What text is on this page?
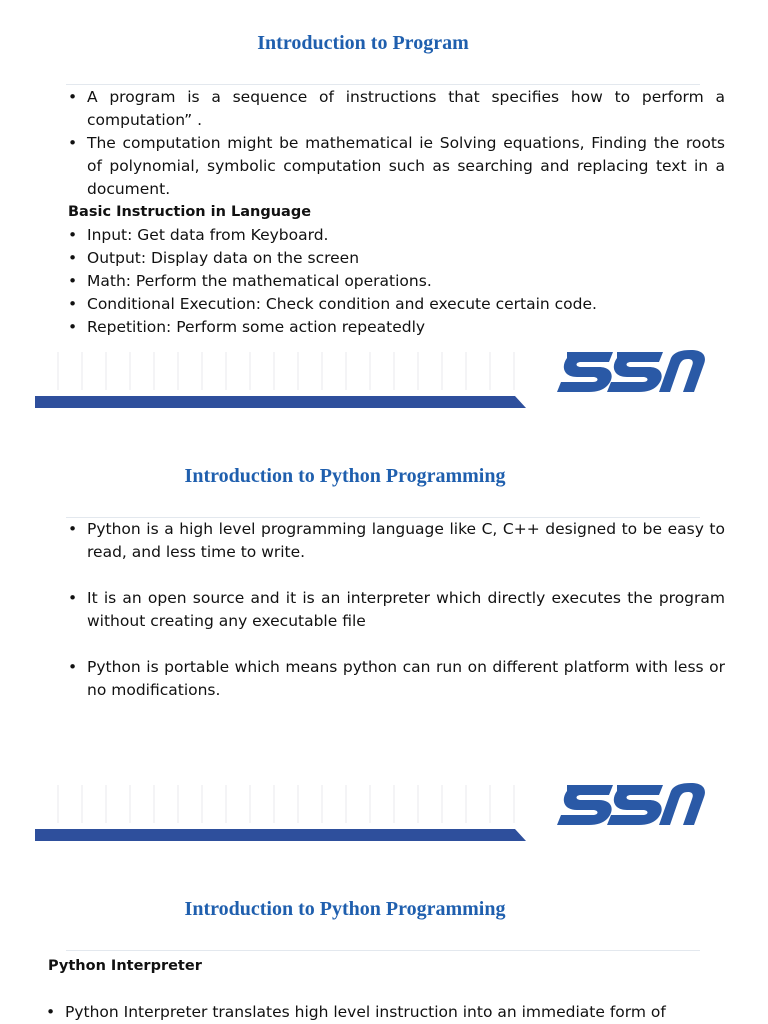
Introduction to Program
• A program is a sequence of instructions that specifies how to perform a computation” .
• The computation might be mathematical ie Solving equations, Finding the roots of polynomial, symbolic computation such as searching and replacing text in a document.

Basic Instruction in Language

• Input: Get data from Keyboard.
• Output: Display data on the screen
• Math: Perform the mathematical operations.
• Conditional Execution: Check condition and execute certain code.
• Repetition: Perform some action repeatedly
Introduction to Python Programming
• Python is a high level programming language like C, C++ designed to be easy to read, and less time to write.
• It is an open source and it is an interpreter which directly executes the program without creating any executable file
• Python is portable which means python can run on different platform with less or no modifications.
Introduction to Python Programming

Python Interpreter

• Python Interpreter translates high level instruction into an immediate form of
